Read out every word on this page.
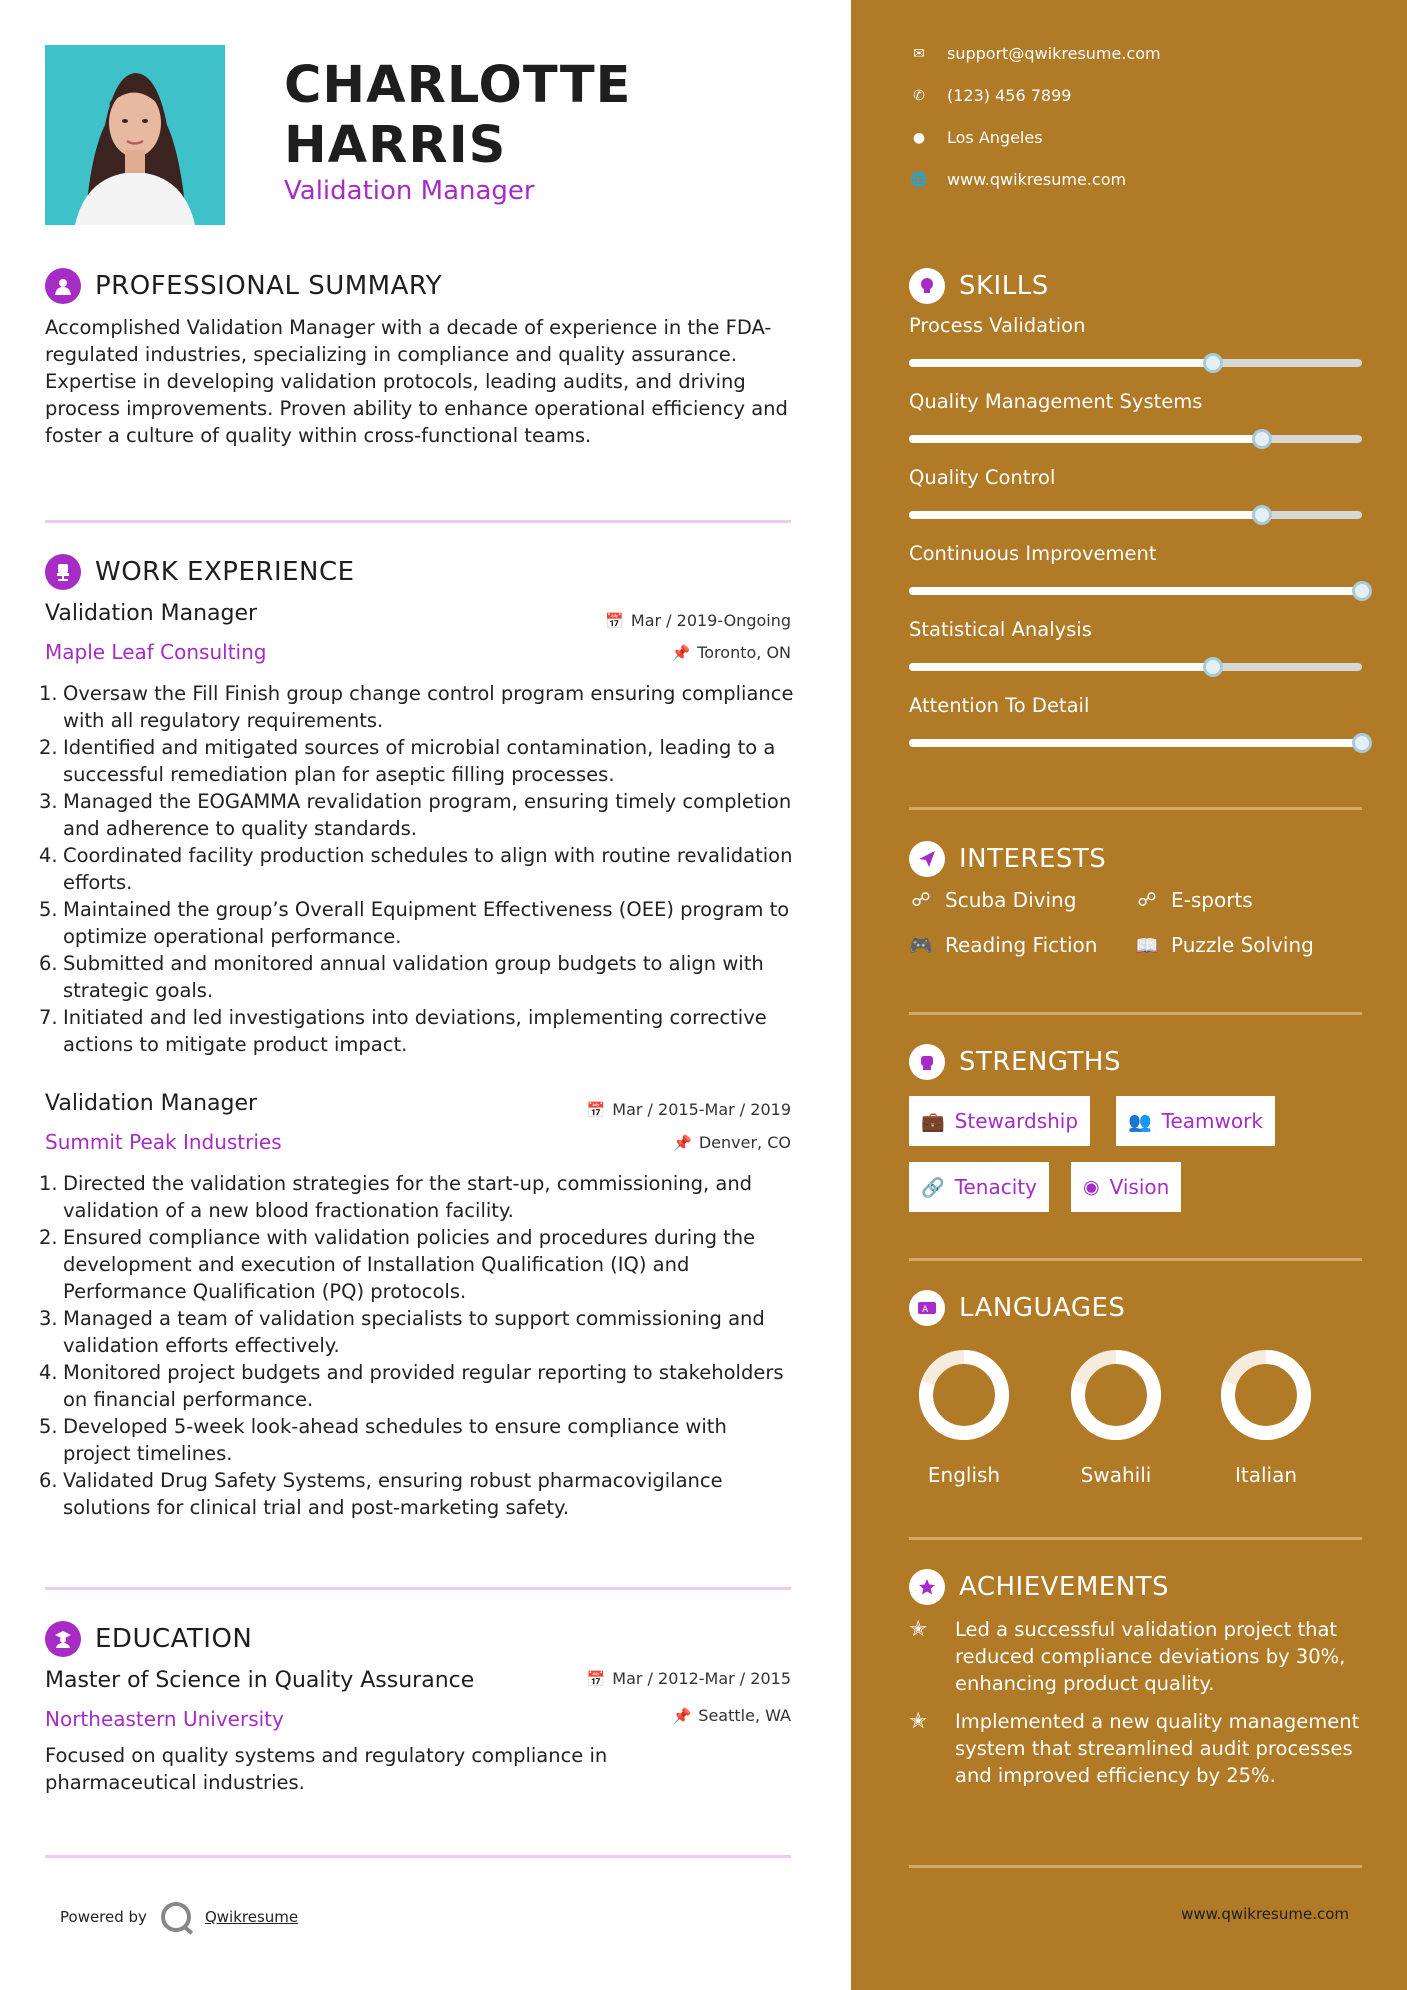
CHARLOTTE
HARRIS
Validation Manager
PROFESSIONAL SUMMARY
Accomplished Validation Manager with a decade of experience in the FDA-regulated industries, specializing in compliance and quality assurance. Expertise in developing validation protocols, leading audits, and driving process improvements. Proven ability to enhance operational efficiency and foster a culture of quality within cross-functional teams.
WORK EXPERIENCE
Validation Manager
Maple Leaf Consulting
📅 Mar / 2019-Ongoing
📌 Toronto, ON
1. Oversaw the Fill Finish group change control program ensuring compliance with all regulatory requirements.
2. Identified and mitigated sources of microbial contamination, leading to a successful remediation plan for aseptic filling processes.
3. Managed the EOGAMMA revalidation program, ensuring timely completion and adherence to quality standards.
4. Coordinated facility production schedules to align with routine revalidation efforts.
5. Maintained the group’s Overall Equipment Effectiveness (OEE) program to optimize operational performance.
6. Submitted and monitored annual validation group budgets to align with strategic goals.
7. Initiated and led investigations into deviations, implementing corrective actions to mitigate product impact.
Validation Manager
Summit Peak Industries
📅 Mar / 2015-Mar / 2019
📌 Denver, CO
1. Directed the validation strategies for the start-up, commissioning, and validation of a new blood fractionation facility.
2. Ensured compliance with validation policies and procedures during the development and execution of Installation Qualification (IQ) and Performance Qualification (PQ) protocols.
3. Managed a team of validation specialists to support commissioning and validation efforts effectively.
4. Monitored project budgets and provided regular reporting to stakeholders on financial performance.
5. Developed 5-week look-ahead schedules to ensure compliance with project timelines.
6. Validated Drug Safety Systems, ensuring robust pharmacovigilance solutions for clinical trial and post-marketing safety.
EDUCATION
Master of Science in Quality Assurance
Northeastern University
📅 Mar / 2012-Mar / 2015
📌 Seattle, WA
Focused on quality systems and regulatory compliance in pharmaceutical industries.
Powered by	Qwikresume
✉ support@qwikresume.com
✆ (123) 456 7899
● Los Angeles
🌐 www.qwikresume.com
SKILLS
Process Validation
Quality Management Systems
Quality Control
Continuous Improvement
Statistical Analysis
Attention To Detail
INTERESTS
☍ Scuba Diving	☍ E-sports
🎮 Reading Fiction 📖 Puzzle Solving
STRENGTHS
💼 Stewardship	👥 Teamwork
🔗 Tenacity ◉ Vision
A LANGUAGES
English	Swahili	Italian
ACHIEVEMENTS
✭	Led a successful validation project that reduced compliance deviations by 30%, enhancing product quality.
✭	Implemented a new quality management system that streamlined audit processes and improved efficiency by 25%.
www.qwikresume.com
